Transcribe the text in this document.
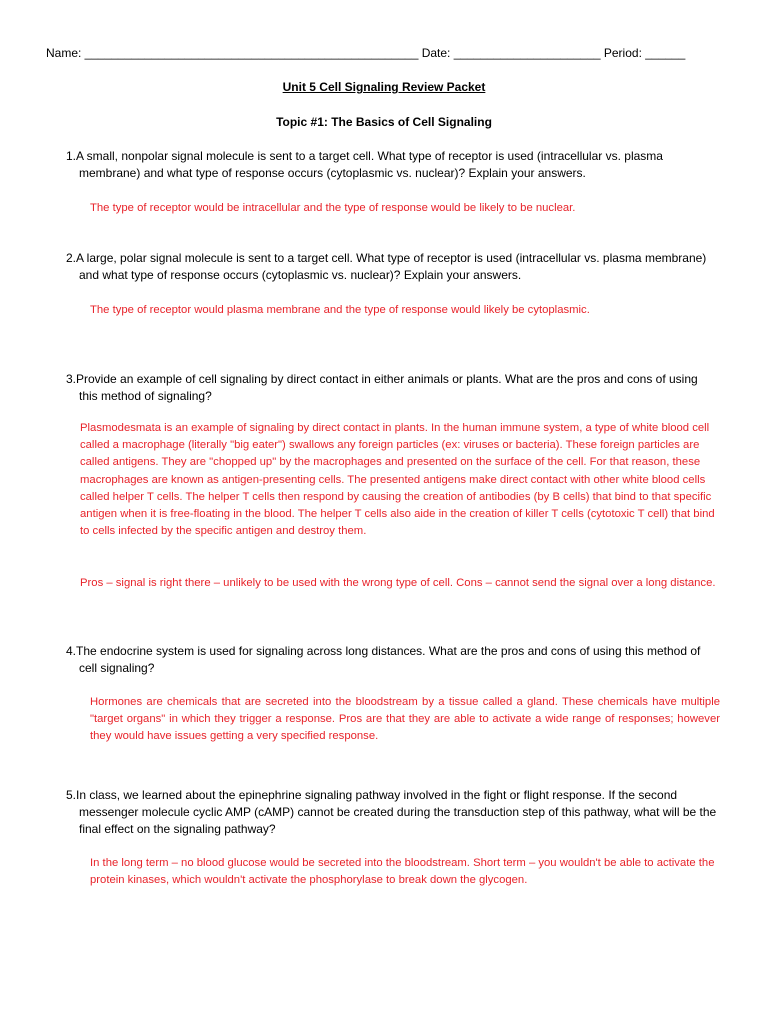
Name: __________________________________________________ Date: ______________________ Period: ______
Unit 5 Cell Signaling Review Packet
Topic #1: The Basics of Cell Signaling
1.A small, nonpolar signal molecule is sent to a target cell. What type of receptor is used (intracellular vs. plasma membrane) and what type of response occurs (cytoplasmic vs. nuclear)? Explain your answers.
The type of receptor would be intracellular and the type of response would be likely to be nuclear.
2.A large, polar signal molecule is sent to a target cell. What type of receptor is used (intracellular vs. plasma membrane) and what type of response occurs (cytoplasmic vs. nuclear)? Explain your answers.
The type of receptor would plasma membrane and the type of response would likely be cytoplasmic.
3.Provide an example of cell signaling by direct contact in either animals or plants. What are the pros and cons of using this method of signaling?
Plasmodesmata is an example of signaling by direct contact in plants. In the human immune system, a type of white blood cell called a macrophage (literally "big eater") swallows any foreign particles (ex: viruses or bacteria). These foreign particles are called antigens. They are "chopped up" by the macrophages and presented on the surface of the cell. For that reason, these macrophages are known as antigen-presenting cells. The presented antigens make direct contact with other white blood cells called helper T cells. The helper T cells then respond by causing the creation of antibodies (by B cells) that bind to that specific antigen when it is free-floating in the blood. The helper T cells also aide in the creation of killer T cells (cytotoxic T cell) that bind to cells infected by the specific antigen and destroy them.
Pros – signal is right there – unlikely to be used with the wrong type of cell. Cons – cannot send the signal over a long distance.
4.The endocrine system is used for signaling across long distances. What are the pros and cons of using this method of cell signaling?
Hormones are chemicals that are secreted into the bloodstream by a tissue called a gland. These chemicals have multiple "target organs" in which they trigger a response. Pros are that they are able to activate a wide range of responses; however they would have issues getting a very specified response.
5.In class, we learned about the epinephrine signaling pathway involved in the fight or flight response. If the second messenger molecule cyclic AMP (cAMP) cannot be created during the transduction step of this pathway, what will be the final effect on the signaling pathway?
In the long term – no blood glucose would be secreted into the bloodstream. Short term – you wouldn't be able to activate the protein kinases, which wouldn't activate the phosphorylase to break down the glycogen.
